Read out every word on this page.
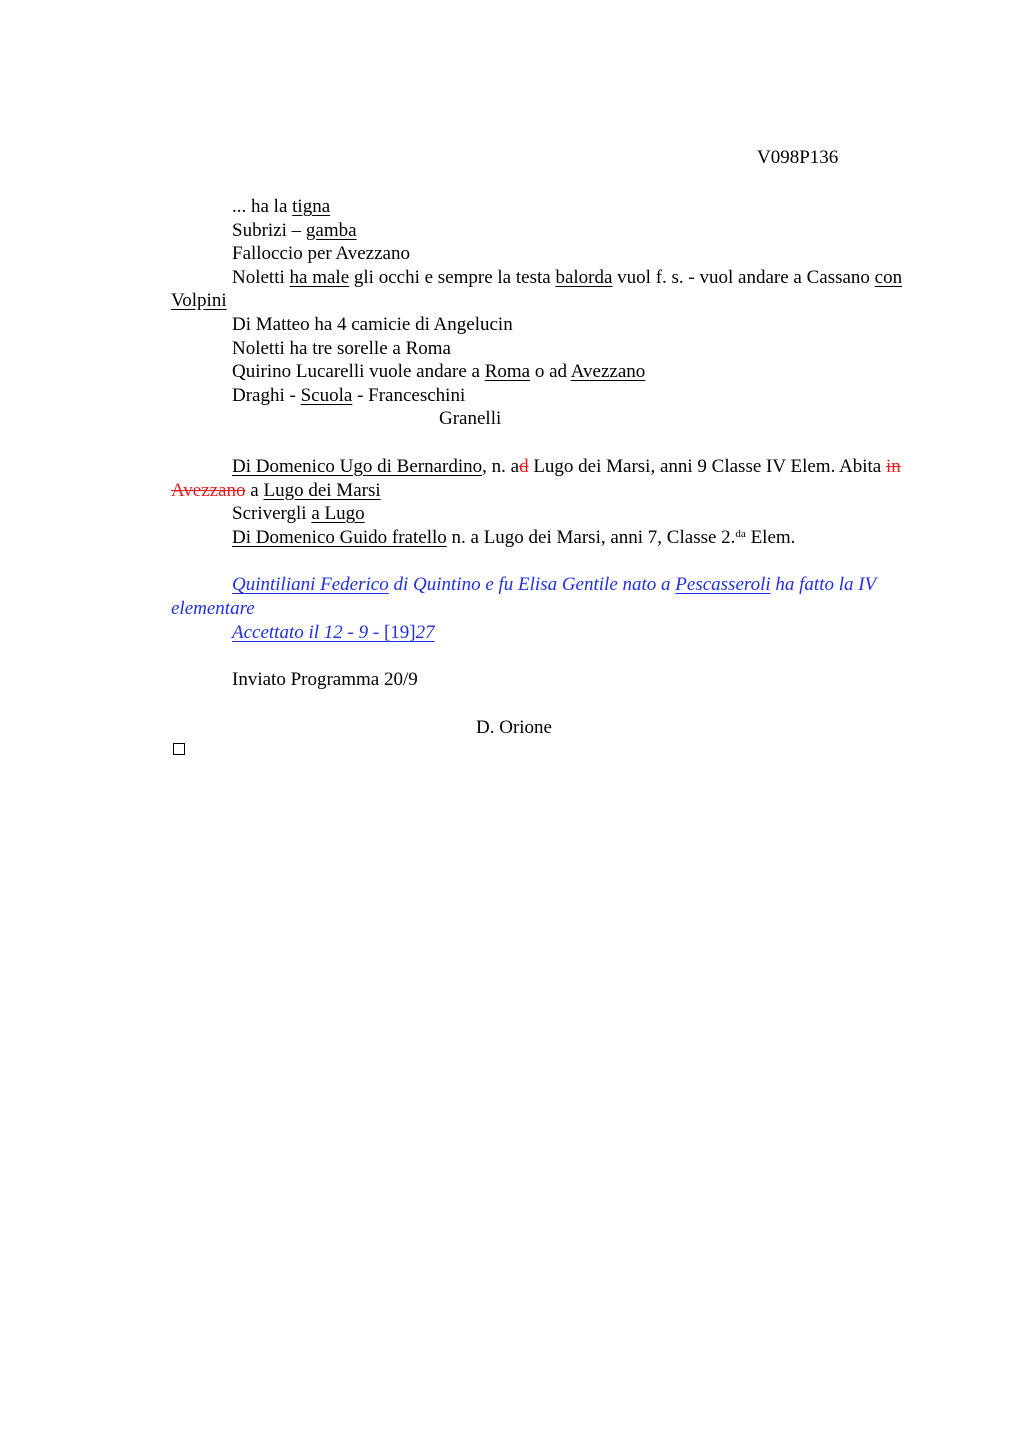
V098P136

... ha la tigna

Subrizi – gamba

Falloccio per Avezzano

Noletti ha male gli occhi e sempre la testa balorda vuol f. s. - vuol andare a Cassano con Volpini

Di Matteo ha 4 camicie di Angelucin

Noletti ha tre sorelle a Roma

Quirino Lucarelli vuole andare a Roma o ad Avezzano

Draghi - Scuola - Franceschini

Granelli

Di Domenico Ugo di Bernardino, n. ad Lugo dei Marsi, anni 9 Classe IV Elem. Abita in Avezzano a Lugo dei Marsi

Scrivergli a Lugo

Di Domenico Guido fratello n. a Lugo dei Marsi, anni 7, Classe 2.$^{da}$ Elem.

Quintiliani Federico di Quintino e fu Elisa Gentile nato a Pescasseroli ha fatto la IV elementare

Accettato il 12 - 9 - [19]27

Inviato Programma 20/9

D. Orione
